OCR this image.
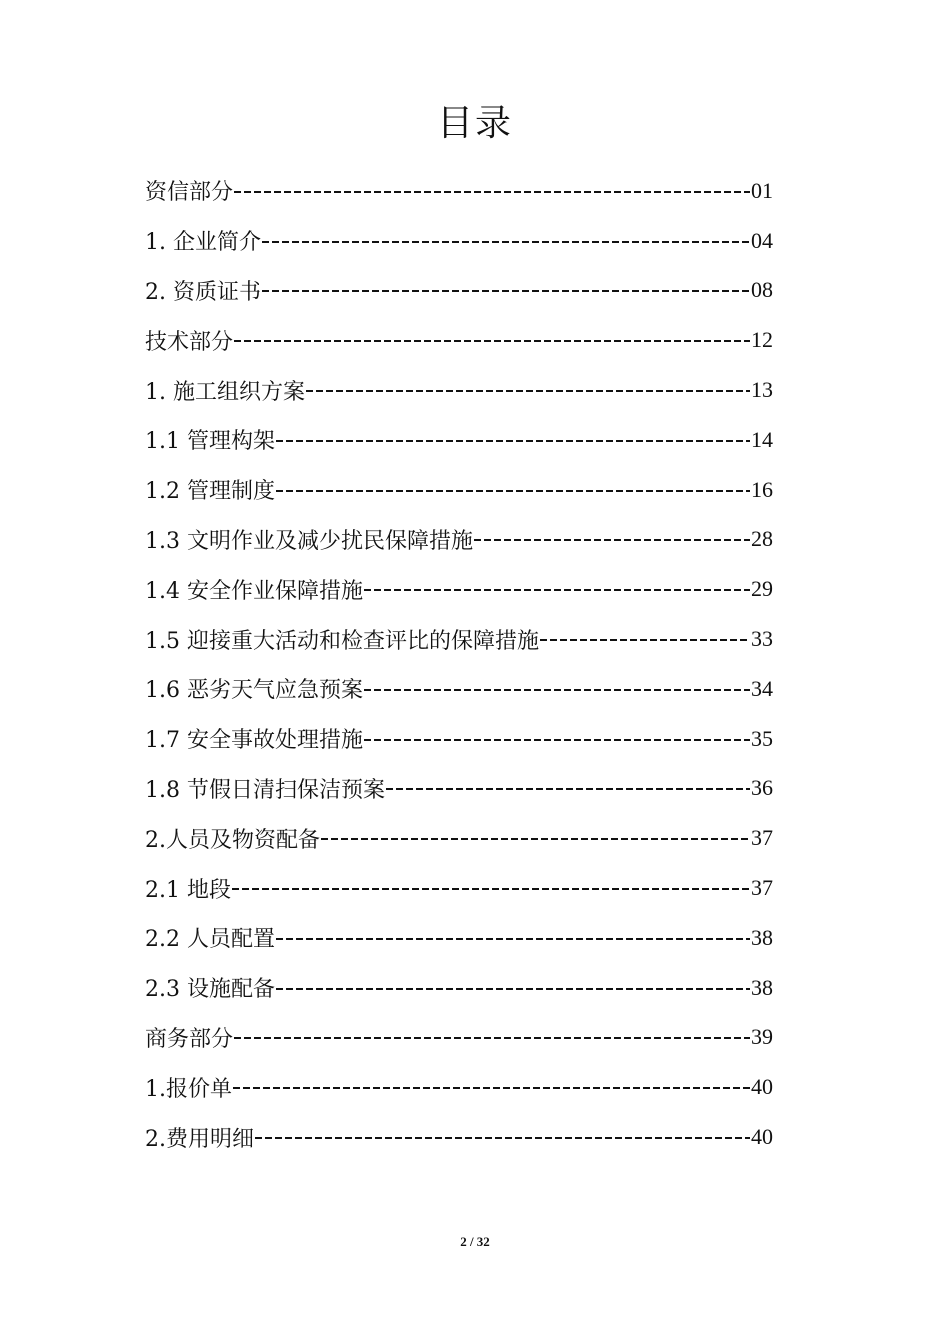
目录
资信部分	01
1. 企业简介	04
2. 资质证书	08
技术部分	12
1. 施工组织方案	13
1.1 管理构架	14
1.2 管理制度	16
1.3 文明作业及减少扰民保障措施	28
1.4 安全作业保障措施	29
1.5 迎接重大活动和检查评比的保障措施	33
1.6 恶劣天气应急预案	34
1.7 安全事故处理措施	35
1.8 节假日清扫保洁预案	36
2.人员及物资配备	37
2.1 地段	37
2.2 人员配置	38
2.3 设施配备	38
商务部分	39
1.报价单	40
2.费用明细	40
2 / 32
